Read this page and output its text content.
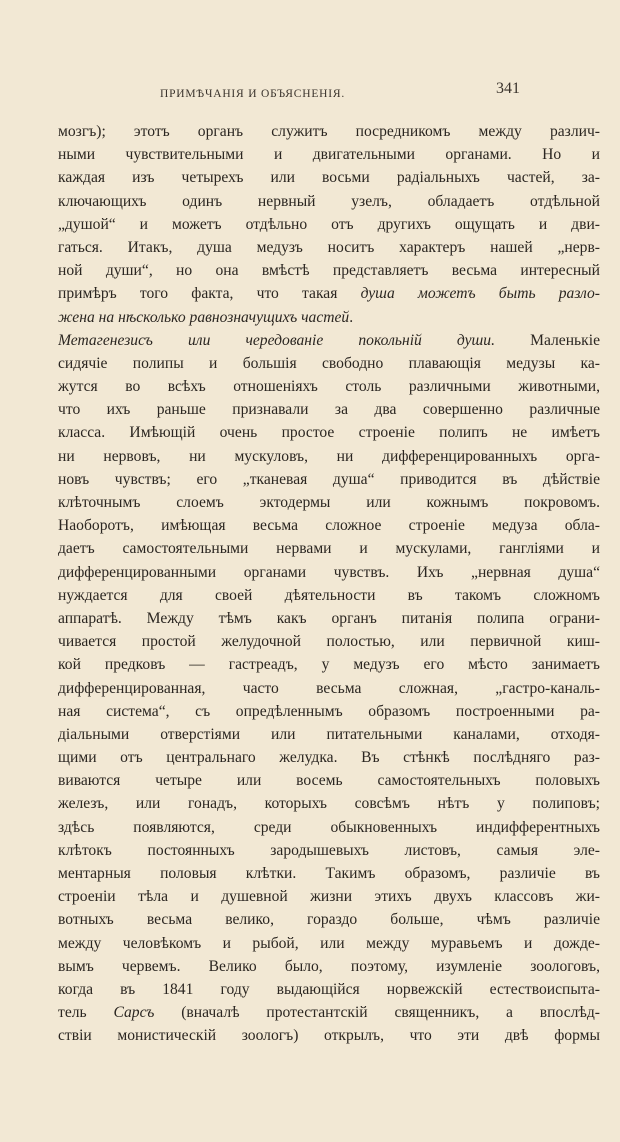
ПРИМѢЧАНІЯ И ОБЪЯСНЕНІЯ.	341
мозгъ); этотъ органъ служитъ посредникомъ между различ-
ными чувствительными и двигательными органами. Но и
каждая изъ четырехъ или восьми радіальныхъ частей, за-
ключающихъ одинъ нервный узелъ, обладаетъ отдѣльной
„душой“ и можетъ отдѣльно отъ другихъ ощущать и дви-
гаться. Итакъ, душа медузъ носитъ характеръ нашей „нерв-
ной души“, но она вмѣстѣ представляетъ весьма интересный
примѣръ того факта, что такая душа можетъ быть разло-
жена на нѣсколько равнозначущихъ частей.
Метагенезисъ или чередованіе покольній души. Маленькіе
сидячіе полипы и большія свободно плавающія медузы ка-
жутся во всѣхъ отношеніяхъ столь различными животными,
что ихъ раньше признавали за два совершенно различные
класса. Имѣющій очень простое строеніе полипъ не имѣетъ
ни нервовъ, ни мускуловъ, ни дифференцированныхъ орга-
новъ чувствъ; его „тканевая душа“ приводится въ дѣйствіе
клѣточнымъ слоемъ эктодермы или кожнымъ покровомъ.
Наоборотъ, имѣющая весьма сложное строеніе медуза обла-
даетъ самостоятельными нервами и мускулами, гангліями и
дифференцированными органами чувствъ. Ихъ „нервная душа“
нуждается для своей дѣятельности въ такомъ сложномъ
аппаратѣ. Между тѣмъ какъ органъ питанія полипа ограни-
чивается простой желудочной полостью, или первичной киш-
кой предковъ — гастреадъ, у медузъ его мѣсто занимаетъ
дифференцированная, часто весьма сложная, „гастро-каналь-
ная система“, съ опредѣленнымъ образомъ построенными ра-
діальными отверстіями или питательными каналами, отходя-
щими отъ центральнаго желудка. Въ стѣнкѣ послѣдняго раз-
виваются четыре или восемь самостоятельныхъ половыхъ
железъ, или гонадъ, которыхъ совсѣмъ нѣтъ у полиповъ;
здѣсь появляются, среди обыкновенныхъ индифферентныхъ
клѣтокъ постоянныхъ зародышевыхъ листовъ, самыя эле-
ментарныя половыя клѣтки. Такимъ образомъ, различіе въ
строеніи тѣла и душевной жизни этихъ двухъ классовъ жи-
вотныхъ весьма велико, гораздо больше, чѣмъ различіе
между человѣкомъ и рыбой, или между муравьемъ и дожде-
вымъ червемъ. Велико было, поэтому, изумленіе зоологовъ,
когда въ 1841 году выдающійся норвежскій естествоиспыта-
тель Сарсъ (вначалѣ протестантскій священникъ, а впослѣд-
ствіи монистическій зоологъ) открылъ, что эти двѣ формы
